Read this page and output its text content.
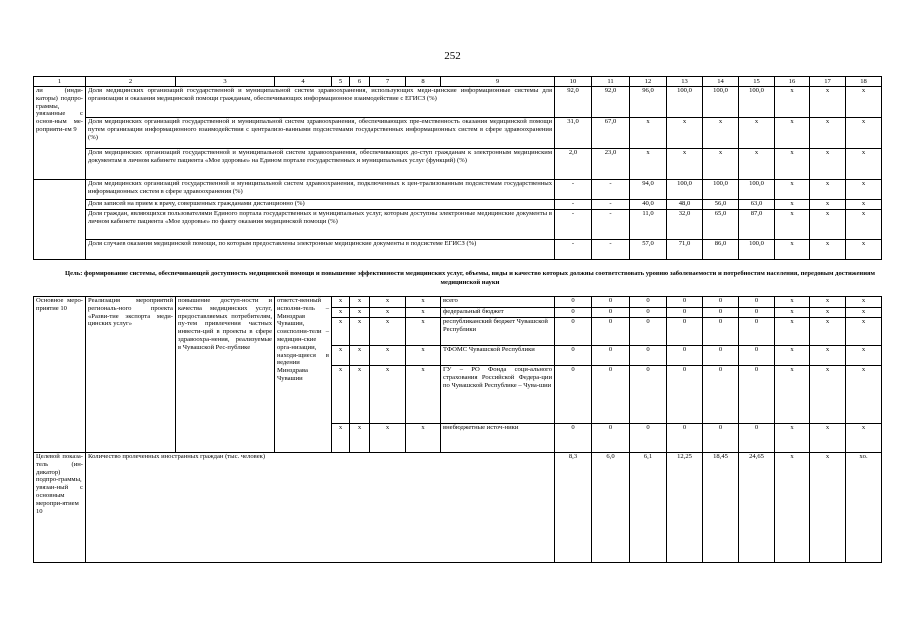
252
1	2	3	4	5	6	7	8	9	10	11	12	13	14	15	16	17	18
ли (инди-каторы) подпро-граммы, увязанные с основ-ным ме-роприяти-ем 9	Доля медицинских организаций государственной и муниципальной систем здравоохранения, использующих меди-цинские информационные системы для организации и оказания медицинской помощи гражданам, обеспечивающих информационное взаимодействие с ЕГИСЗ (%)								92,0	92,0	96,0	100,0	100,0	100,0	x	x	x
	Доля медицинских организаций государственной и муниципальной систем здравоохранения, обеспечивающих пре-емственность оказания медицинской помощи путем организации информационного взаимодействия с централизо-ванными подсистемами государственных информационных систем в сфере здравоохранения (%)								31,0	67,0	x	x	x	x	x	x	x
	Доля медицинских организаций государственной и муниципальной систем здравоохранения, обеспечивающих до-ступ гражданам к электронным медицинским документам в личном кабинете пациента «Мое здоровье» на Едином портале государственных и муниципальных услуг (функций) (%)								2,0	23,0	x	x	x	x	x	x	x
	Доля медицинских организаций государственной и муниципальной систем здравоохранения, подключенных к цен-трализованным подсистемам государственных информационных систем в сфере здравоохранения (%)								-	-	94,0	100,0	100,0	100,0	x	x	x
	Доля записей на прием к врачу, совершенных гражданами дистанционно (%)								-	-	40,0	48,0	56,0	63,0	x	x	x
	Доля граждан, являющихся пользователями Единого портала государственных и муниципальных услуг, которым доступны электронные медицинские документы в личном кабинете пациента «Мое здоровье» по факту оказания медицинской помощи (%)								-	-	11,0	32,0	65,0	87,0	x	x	x
	Доля случаев оказания медицинской помощи, по которым предоставлены электронные медицинские документы в подсистеме ЕГИСЗ (%)								-	-	57,0	71,0	86,0	100,0	x	x	x
Цель: формирование системы, обеспечивающей доступность медицинской помощи и повышение эффективности медицинских услуг, объемы, виды и качество которых должны соответствовать уровню заболеваемости и потребностям населения, передовым достижениям медицинской науки
Основное меро-приятие 10	Реализация мероприятий региональ-ного проекта «Разви-тие экспорта меди-цинских услуг»	повышение доступ-ности и качества медицинских услуг, предоставляемых потребителям, пу-тем привлечения частных инвести-ций в проекты в сфере здравоохра-нения, реализуемые в Чувашской Рес-публике	ответст-венный исполни-тель – Минздрав Чувашии, соисполни-тели – медицин-ские орга-низации, находя-щиеся в ведении Минздрава Чувашии	x	x	x	x	всего	0	0	0	0	0	0	x	x	x
				x	x	x	x	федеральный бюджет	0	0	0	0	0	0	x	x	x
				x	x	x	x	республиканский бюджет Чувашской Республики	0	0	0	0	0	0	x	x	x
				x	x	x	x	ТФОМС Чувашской Республики	0	0	0	0	0	0	x	x	x
				x	x	x	x	ГУ – РО Фонда соци-ального страхования Российской Федера-ции по Чувашской Республике – Чува-шии	0	0	0	0	0	0	x	x	x
				x	x	x	x	внебюджетные источ-ники	0	0	0	0	0	0	x	x	x
Целевой показа-тель (ин-дикатор) подпро-граммы, увязан-ный с основным меропри-ятием 10	Количество пролеченных иностранных граждан (тыс. человек)								8,3	6,0	6,1	12,25	18,45	24,65	x	x	xо.
